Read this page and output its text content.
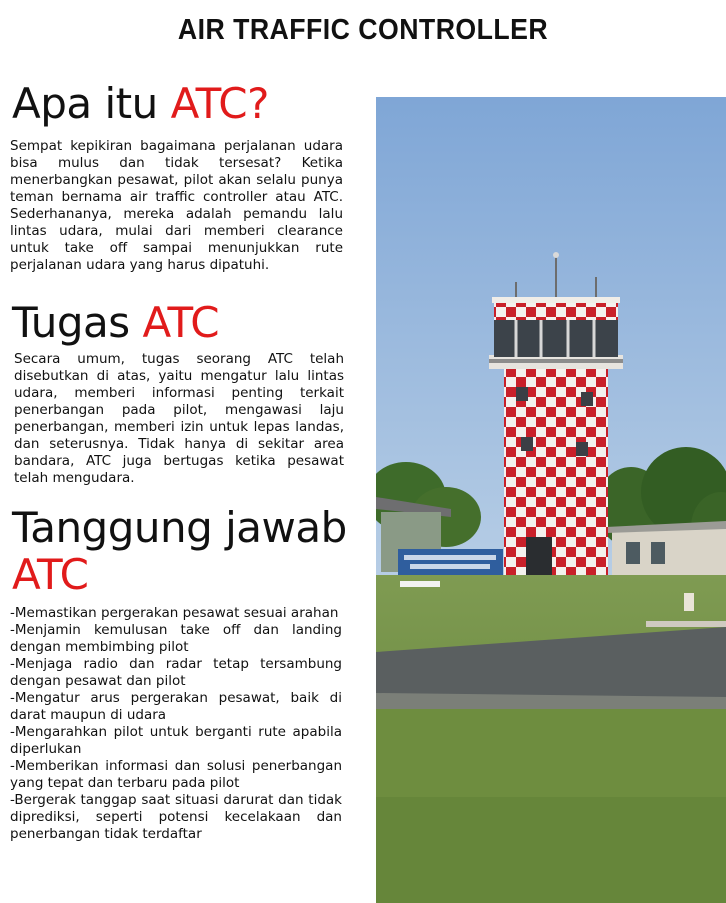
AIR TRAFFIC CONTROLLER
Apa itu ATC?

Sempat kepikiran bagaimana perjalanan udara bisa mulus dan tidak tersesat? Ketika menerbangkan pesawat, pilot akan selalu punya teman bernama air traffic controller atau ATC. Sederhananya, mereka adalah pemandu lalu lintas udara, mulai dari memberi clearance untuk take off sampai menunjukkan rute perjalanan udara yang harus dipatuhi.

Tugas ATC

Secara umum, tugas seorang ATC telah disebutkan di atas, yaitu mengatur lalu lintas udara, memberi informasi penting terkait penerbangan pada pilot, mengawasi laju penerbangan, memberi izin untuk lepas landas, dan seterusnya. Tidak hanya di sekitar area bandara, ATC juga bertugas ketika pesawat telah mengudara.

Tanggung jawab
ATC
-Memastikan pergerakan pesawat sesuai arahan
-Menjamin kemulusan take off dan landing dengan membimbing pilot
-Menjaga radio dan radar tetap tersambung dengan pesawat dan pilot
-Mengatur arus pergerakan pesawat, baik di darat maupun di udara
-Mengarahkan pilot untuk berganti rute apabila diperlukan
-Memberikan informasi dan solusi penerbangan yang tepat dan terbaru pada pilot
-Bergerak tanggap saat situasi darurat dan tidak diprediksi, seperti potensi kecelakaan dan penerbangan tidak terdaftar
